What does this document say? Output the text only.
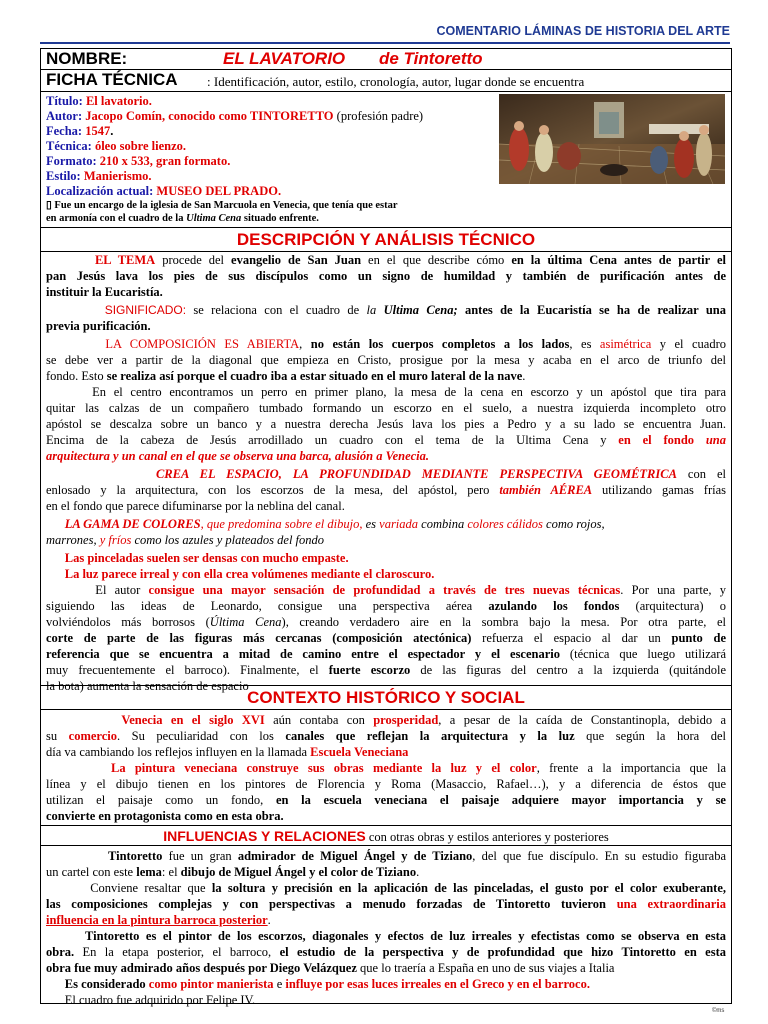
COMENTARIO LÁMINAS DE HISTORIA DEL ARTE
NOMBRE:	EL LAVATORIO de Tintoretto
FICHA TÉCNICA : Identificación, autor, estilo, cronología, autor, lugar donde se encuentra
Título: El lavatorio.
Autor: Jacopo Comín, conocido como TINTORETTO (profesión padre)
Fecha: 1547.
Técnica: óleo sobre lienzo.
Formato: 210 x 533, gran formato.
Estilo: Manierismo.
Localización actual: MUSEO DEL PRADO.
▯ Fue un encargo de la iglesia de San Marcuola en Venecia, que tenía que estar
en armonía con el cuadro de la Ultima Cena situado enfrente.
DESCRIPCIÓN Y ANÁLISIS TÉCNICO
EL TEMA procede del evangelio de San Juan en el que describe cómo en la última Cena antes de partir el
pan Jesús lava los pies de sus discípulos como un signo de humildad y también de purificación antes de
instituir la Eucaristía.
SIGNIFICADO: se relaciona con el cuadro de la Ultima Cena; antes de la Eucaristía se ha de realizar una
previa purificación.
LA COMPOSICIÓN ES ABIERTA, no están los cuerpos completos a los lados, es asimétrica y el cuadro
se debe ver a partir de la diagonal que empieza en Cristo, prosigue por la mesa y acaba en el arco de triunfo del
fondo. Esto se realiza así porque el cuadro iba a estar situado en el muro lateral de la nave.
En el centro encontramos un perro en primer plano, la mesa de la cena en escorzo y un apóstol que tira para
quitar las calzas de un compañero tumbado formando un escorzo en el suelo, a nuestra izquierda incompleto otro
apóstol se descalza sobre un banco y a nuestra derecha Jesús lava los pies a Pedro y a su lado se encuentra Juan.
Encima de la cabeza de Jesús arrodillado un cuadro con el tema de la Ultima Cena y en el fondo una
arquitectura y un canal en el que se observa una barca, alusión a Venecia.
CREA EL ESPACIO, LA PROFUNDIDAD MEDIANTE PERSPECTIVA GEOMÉTRICA con el
enlosado y la arquitectura, con los escorzos de la mesa, del apóstol, pero también AÉREA utilizando gamas frías
en el fondo que parece difuminarse por la neblina del canal.
LA GAMA DE COLORES, que predomina sobre el dibujo, es variada combina colores cálidos como rojos,
marrones, y fríos como los azules y plateados del fondo
Las pinceladas suelen ser densas con mucho empaste.
La luz parece irreal y con ella crea volúmenes mediante el claroscuro.
El autor consigue una mayor sensación de profundidad a través de tres nuevas técnicas. Por una parte, y
siguiendo las ideas de Leonardo, consigue una perspectiva aérea azulando los fondos (arquitectura) o
volviéndolos más borrosos (Última Cena), creando verdadero aire en la sombra bajo la mesa. Por otra parte, el
corte de parte de las figuras más cercanas (composición atectónica) refuerza el espacio al dar un punto de
referencia que se encuentra a mitad de camino entre el espectador y el escenario (técnica que luego utilizará
muy frecuentemente el barroco). Finalmente, el fuerte escorzo de las figuras del centro a la izquierda (quitándole
la bota) aumenta la sensación de espacio
CONTEXTO HISTÓRICO Y SOCIAL
Venecia en el siglo XVI aún contaba con prosperidad, a pesar de la caída de Constantinopla, debido a
su comercio. Su peculiaridad con los canales que reflejan la arquitectura y la luz que según la hora del
día va cambiando los reflejos influyen en la llamada Escuela Veneciana
La pintura veneciana construye sus obras mediante la luz y el color, frente a la importancia que la
línea y el dibujo tienen en los pintores de Florencia y Roma (Masaccio, Rafael…), y a diferencia de éstos que
utilizan el paisaje como un fondo, en la escuela veneciana el paisaje adquiere mayor importancia y se
convierte en protagonista como en esta obra.
INFLUENCIAS Y RELACIONES con otras obras y estilos anteriores y posteriores
Tintoretto fue un gran admirador de Miguel Ángel y de Tiziano, del que fue discípulo. En su estudio figuraba
un cartel con este lema: el dibujo de Miguel Ángel y el color de Tiziano.
Conviene resaltar que la soltura y precisión en la aplicación de las pinceladas, el gusto por el color exuberante,
las composiciones complejas y con perspectivas a menudo forzadas de Tintoretto tuvieron una extraordinaria
influencia en la pintura barroca posterior.
Tintoretto es el pintor de los escorzos, diagonales y efectos de luz irreales y efectistas como se observa en esta
obra. En la etapa posterior, el barroco, el estudio de la perspectiva y de profundidad que hizo Tintoretto en esta
obra fue muy admirado años después por Diego Velázquez que lo traería a España en uno de sus viajes a Italia
Es considerado como pintor manierista e influye por esas luces irreales en el Greco y en el barroco.
El cuadro fue adquirido por Felipe IV.
©ms
